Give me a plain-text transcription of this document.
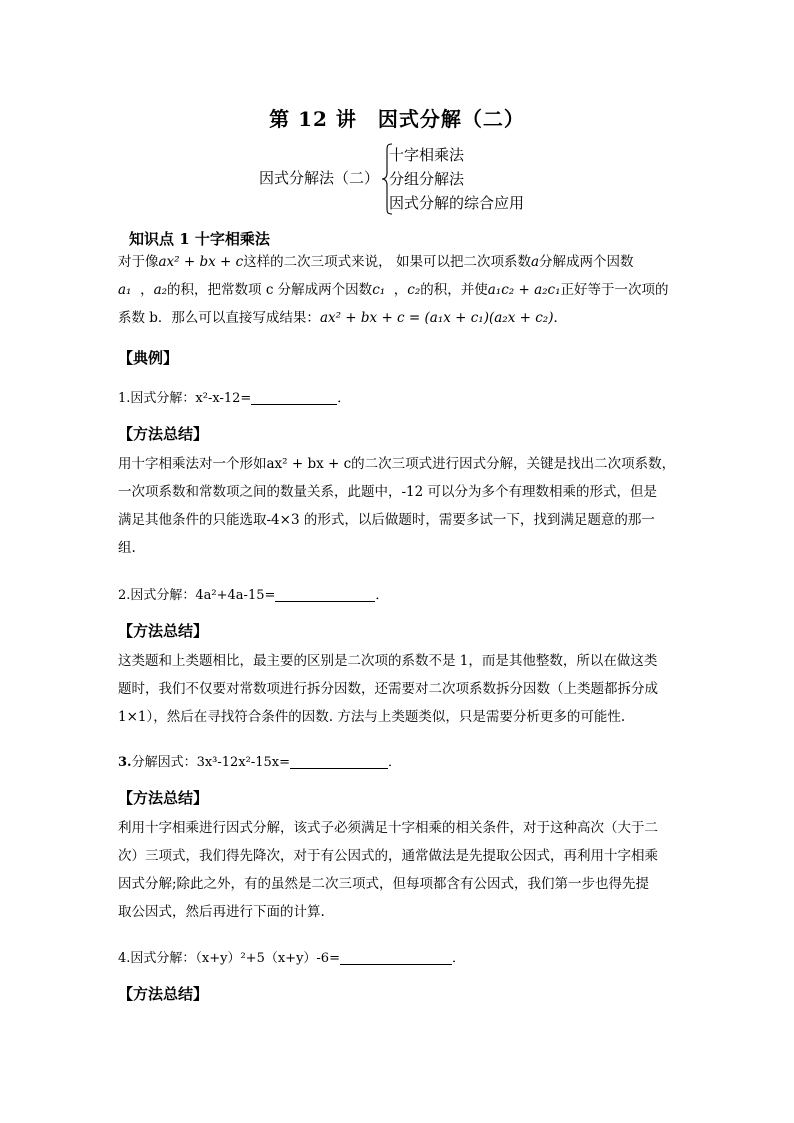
第 12 讲　因式分解（二）
因式分解法（二）
十字相乘法
分组分解法
因式分解的综合应用
知识点 1 十字相乘法

对于像ax² + bx + c这样的二次三项式来说， 如果可以把二次项系数a分解成两个因数

a₁ ，a₂的积，把常数项 c 分解成两个因数c₁  ，c₂的积，并使a₁c₂ + a₂c₁正好等于一次项的

系数 b．那么可以直接写成结果：ax² + bx + c = (a₁x + c₁)(a₂x + c₂)．

【典例】
1.因式分解：x²-x-12=	．
【方法总结】

用十字相乘法对一个形如ax² + bx + c的二次三项式进行因式分解，关键是找出二次项系数，

一次项系数和常数项之间的数量关系，此题中，-12 可以分为多个有理数相乘的形式，但是

满足其他条件的只能选取-4×3 的形式，以后做题时，需要多试一下，找到满足题意的那一

组.

2.因式分解：4a²+4a-15=	．
【方法总结】

这类题和上类题相比，最主要的区别是二次项的系数不是 1，而是其他整数，所以在做这类

题时，我们不仅要对常数项进行拆分因数，还需要对二次项系数拆分因数（上类题都拆分成

1×1），然后在寻找符合条件的因数. 方法与上类题类似，只是需要分析更多的可能性.

3.分解因式：3x³-12x²-15x=	．
【方法总结】

利用十字相乘进行因式分解，该式子必须满足十字相乘的相关条件，对于这种高次（大于二

次）三项式，我们得先降次，对于有公因式的，通常做法是先提取公因式，再利用十字相乘

因式分解;除此之外，有的虽然是二次三项式，但每项都含有公因式，我们第一步也得先提

取公因式，然后再进行下面的计算.

4.因式分解：（x+y）²+5（x+y）-6=	．
【方法总结】
